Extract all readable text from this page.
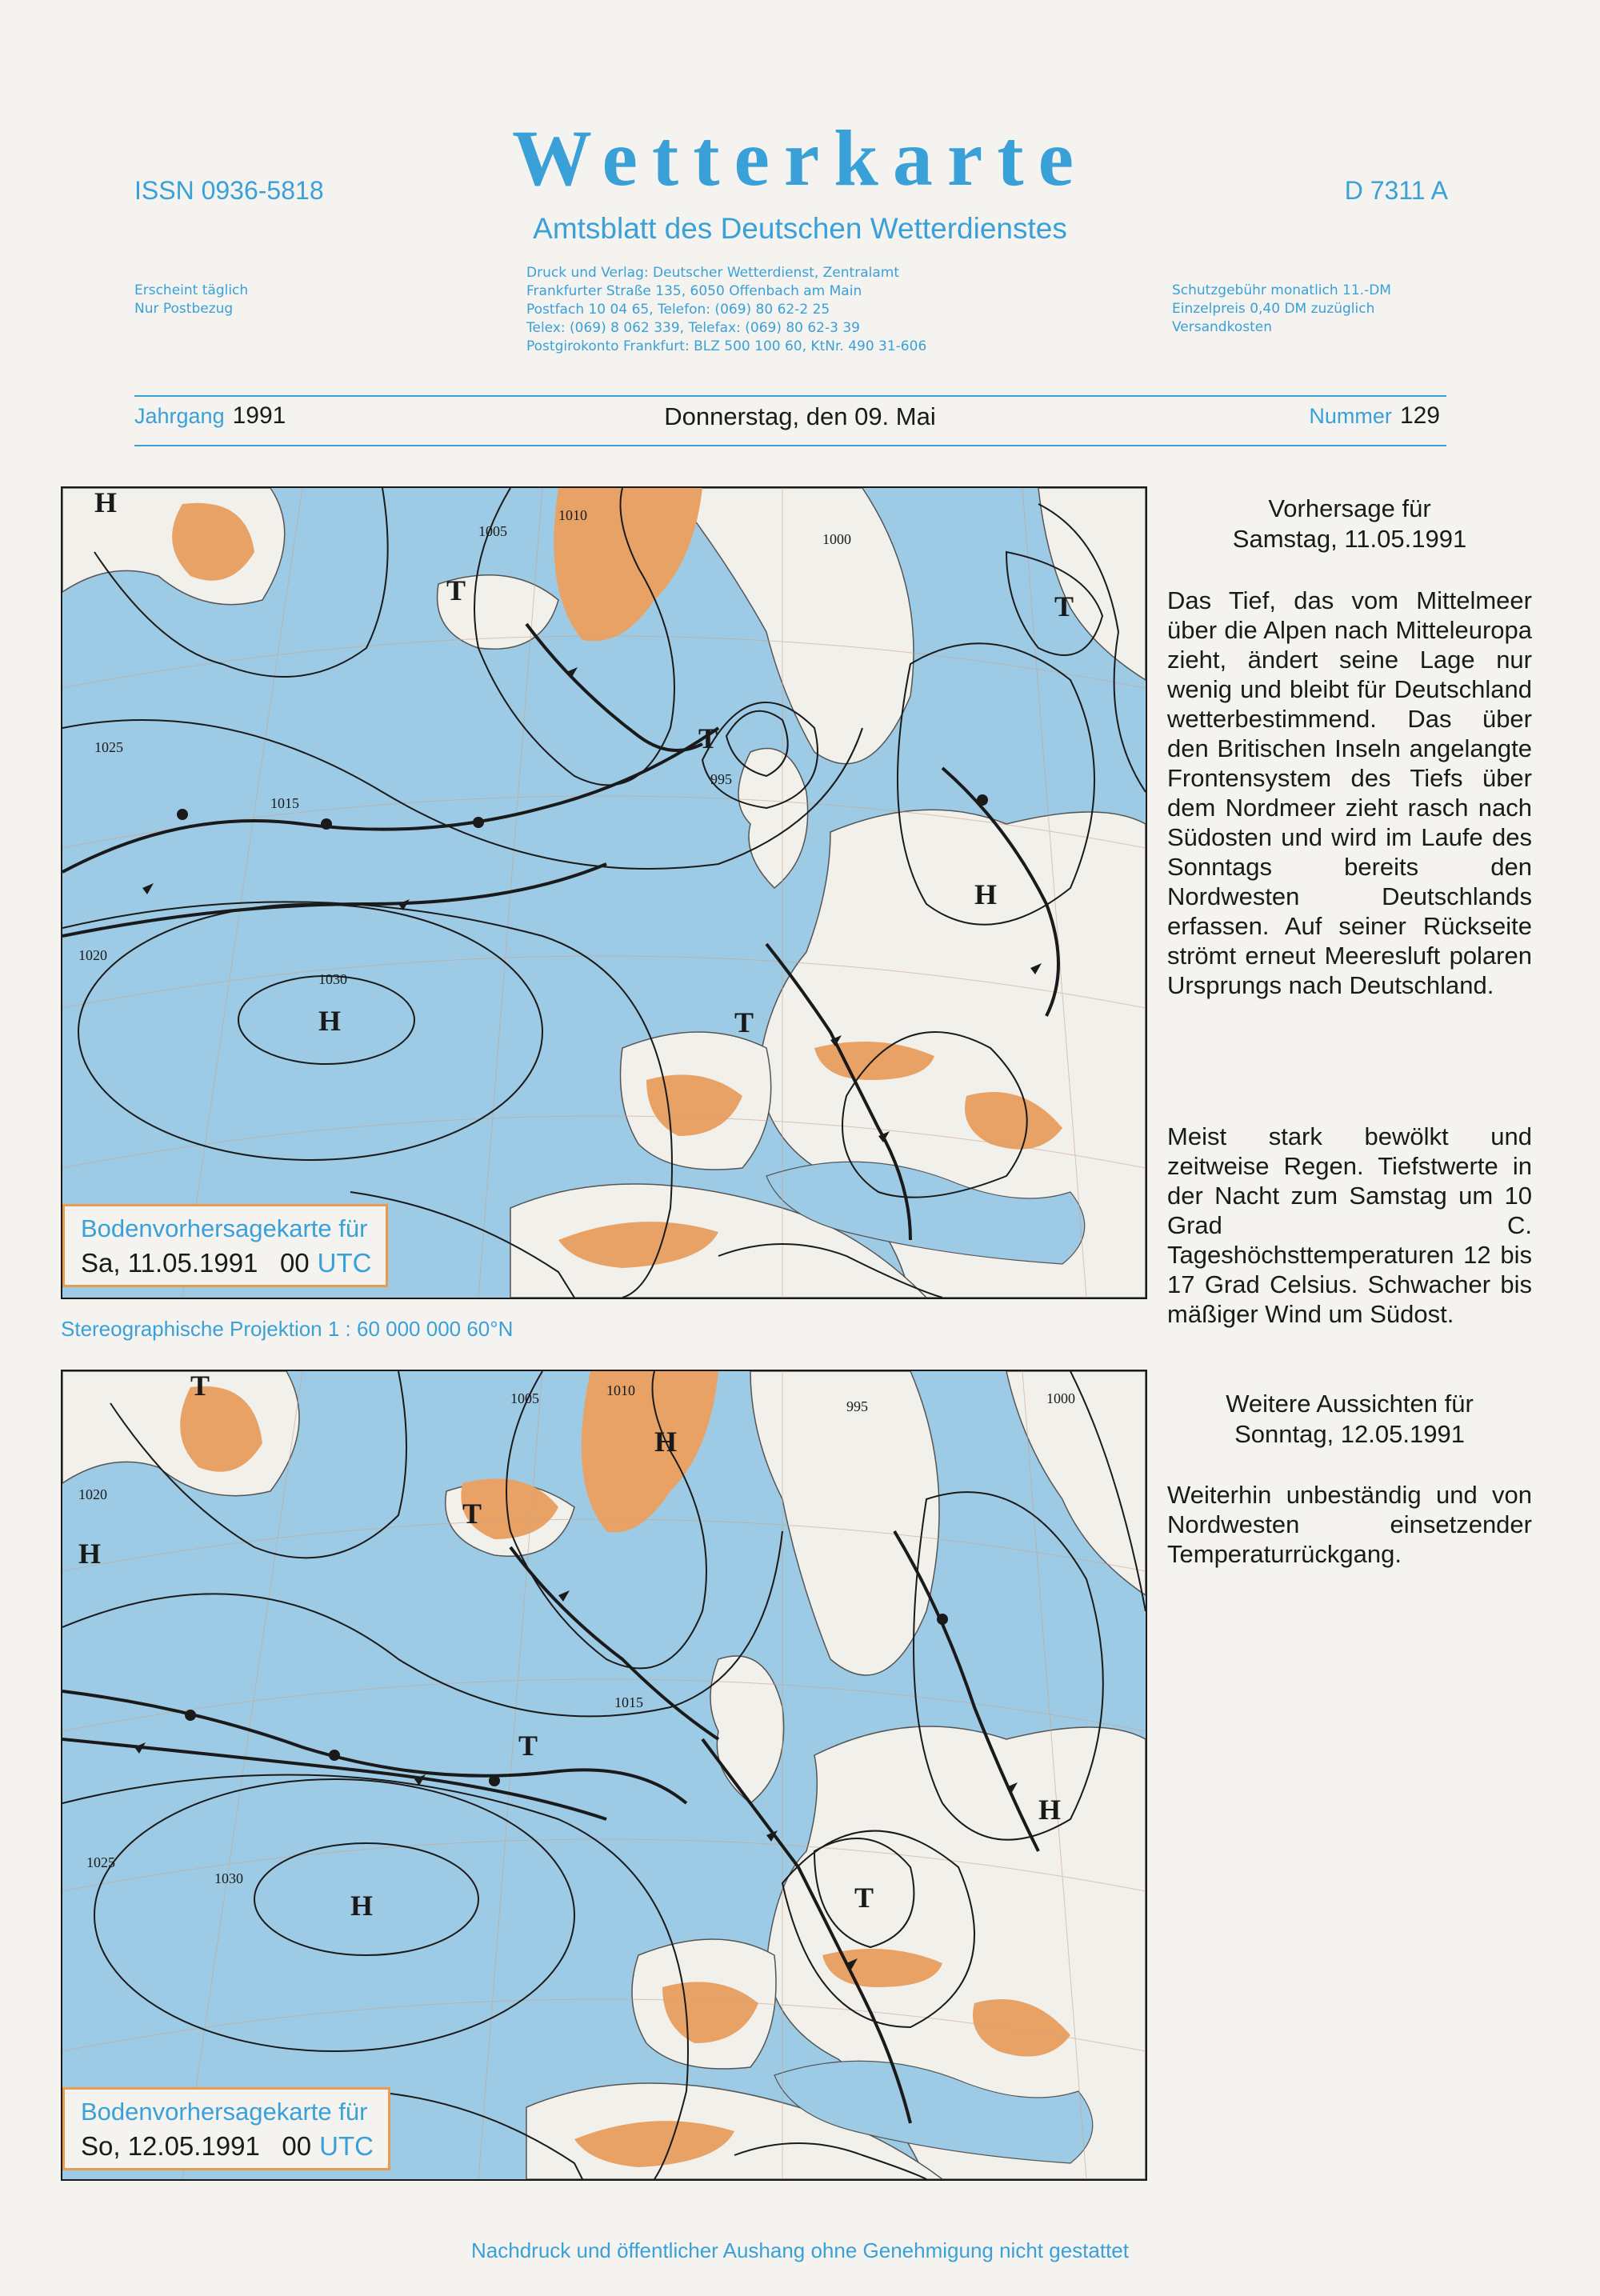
ISSN 0936-5818	Wetterkarte	D 7311 A
Amtsblatt des Deutschen Wetterdienstes
Erscheint täglich
Nur Postbezug
Druck und Verlag: Deutscher Wetterdienst, Zentralamt
Frankfurter Straße 135, 6050 Offenbach am Main
Postfach 10 04 65, Telefon: (069) 80 62-2 25
Telex: (069) 8 062 339, Telefax: (069) 80 62-3 39
Postgirokonto Frankfurt: BLZ 500 100 60, KtNr. 490 31-606
Schutzgebühr monatlich 11.-DM
Einzelpreis 0,40 DM zuzüglich
Versandkosten
Jahrgang 1991	Donnerstag, den 09. Mai	Nummer 129
H
H
H
T
T
T
T
1025
1020
1030
1015
1010
1005
995
1000
Bodenvorhersagekarte für
Sa, 11.05.1991 00 UTC
Stereographische Projektion 1 : 60 000 000 60°N
H
H
H
H
T
T
T
T
1020
1025
1030
1015
1010
1005	995	1000
Bodenvorhersagekarte für
So, 12.05.1991 00 UTC
Vorhersage für
Samstag, 11.05.1991
Das Tief, das vom Mittelmeer über die Alpen nach Mitteleuropa zieht, ändert seine Lage nur wenig und bleibt für Deutschland wetterbestimmend. Das über den Britischen Inseln angelangte Frontensystem des Tiefs über dem Nordmeer zieht rasch nach Südosten und wird im Laufe des Sonntags bereits den Nordwesten Deutschlands erfassen. Auf seiner Rückseite strömt erneut Meeresluft polaren Ursprungs nach Deutschland.
Meist stark bewölkt und zeitweise Regen. Tiefstwerte in der Nacht zum Samstag um 10 Grad C. Tageshöchsttemperaturen 12 bis 17 Grad Celsius. Schwacher bis mäßiger Wind um Südost.
Weitere Aussichten für
Sonntag, 12.05.1991
Weiterhin unbeständig und von Nordwesten einsetzender Temperaturrückgang.
Nachdruck und öffentlicher Aushang ohne Genehmigung nicht gestattet
